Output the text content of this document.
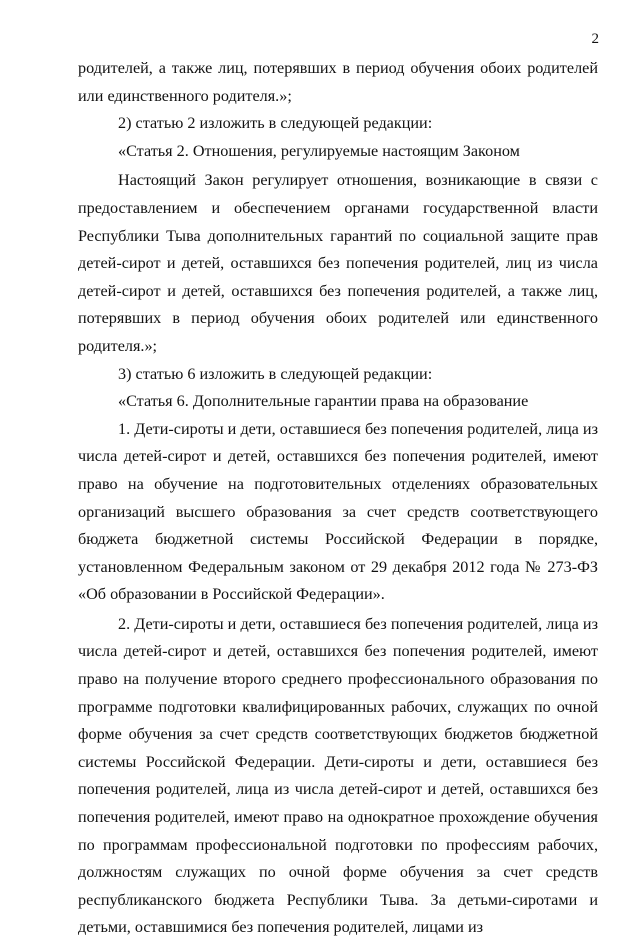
2

родителей, а также лиц, потерявших в период обучения обоих родителей или единственного родителя.»;

2) статью 2 изложить в следующей редакции:

«Статья 2. Отношения, регулируемые настоящим Законом

Настоящий Закон регулирует отношения, возникающие в связи с предоставлением и обеспечением органами государственной власти Республики Тыва дополнительных гарантий по социальной защите прав детей-сирот и детей, оставшихся без попечения родителей, лиц из числа детей-сирот и детей, оставшихся без попечения родителей, а также лиц, потерявших в период обучения обоих родителей или единственного родителя.»;

3) статью 6 изложить в следующей редакции:

«Статья 6. Дополнительные гарантии права на образование

1. Дети-сироты и дети, оставшиеся без попечения родителей, лица из числа детей-сирот и детей, оставшихся без попечения родителей, имеют право на обучение на подготовительных отделениях образовательных организаций высшего образования за счет средств соответствующего бюджета бюджетной системы Российской Федерации в порядке, установленном Федеральным законом от 29 декабря 2012 года № 273-ФЗ «Об образовании в Российской Федерации».

2. Дети-сироты и дети, оставшиеся без попечения родителей, лица из числа детей-сирот и детей, оставшихся без попечения родителей, имеют право на получение второго среднего профессионального образования по программе подготовки квалифицированных рабочих, служащих по очной форме обучения за счет средств соответствующих бюджетов бюджетной системы Российской Федерации. Дети-сироты и дети, оставшиеся без попечения родителей, лица из числа детей-сирот и детей, оставшихся без попечения родителей, имеют право на однократное прохождение обучения по программам профессиональной подготовки по профессиям рабочих, должностям служащих по очной форме обучения за счет средств республиканского бюджета Республики Тыва. За детьми-сиротами и детьми, оставшимися без попечения родителей, лицами из
